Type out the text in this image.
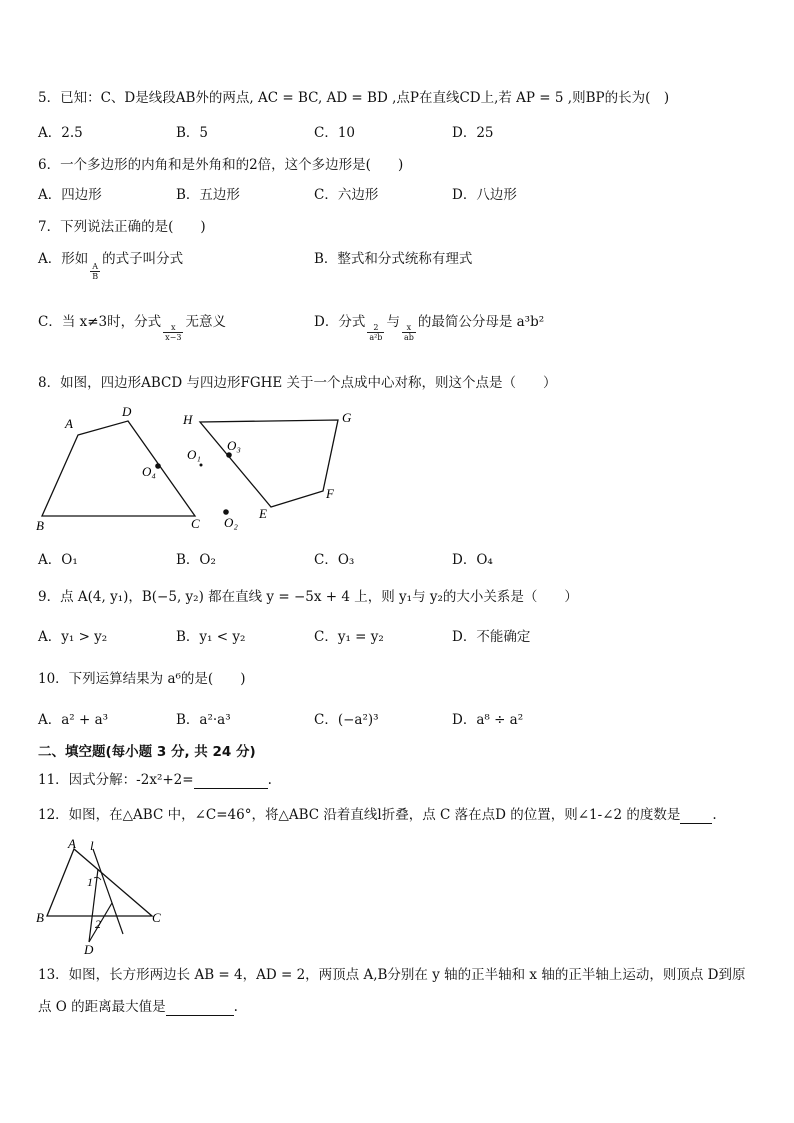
5．已知：C、D是线段AB外的两点, AC = BC, AD = BD ,点P在直线CD上,若 AP = 5 ,则BP的长为(　)
A．2.5	B．5	C．10	D．25
6．一个多边形的内角和是外角和的2倍，这个多边形是(　　)
A．四边形	B．五边形	C．六边形	D．八边形
7．下列说法正确的是(　　)
A．形如
$\frac{A}{B}$
的式子叫分式	B．整式和分式统称有理式
C．当 x≠3时，分式
$\frac{x}{x-3}$
无意义	D．分式
$\frac{2}{\text{a²b}}$
与
$\frac{x}{ab}$
的最简公分母是 a³b²
8．如图，四边形ABCD 与四边形FGHE 关于一个点成中心对称，则这个点是（　　）
A
D
B	C
H	G
E
F
O₄
O₃
O₁
O₂
A．O₁	B．O₂	C．O₃	D．O₄
9．点 A(4, y₁)，B(−5, y₂) 都在直线 y = −5x + 4 上，则 y₁与 y₂的大小关系是（　　）
A．y₁ > y₂	B．y₁ < y₂	C．y₁ = y₂	D．不能确定
10．下列运算结果为 a⁶的是(　　)
A．a² + a³	B．a²·a³	C．(−a²)³	D．a⁸ ÷ a²
二、填空题(每小题 3 分, 共 24 分)
11．因式分解：-2x²+2=	.
12．如图，在△ABC 中，∠C=46°，将△ABC 沿着直线l折叠，点 C 落在点D 的位置，则∠1-∠2 的度数是 .
A l
1
2
B	C
D
13．如图，长方形两边长 AB = 4，AD = 2，两顶点 A,B分别在 y 轴的正半轴和 x 轴的正半轴上运动，则顶点 D到原
点 O 的距离最大值是	.
